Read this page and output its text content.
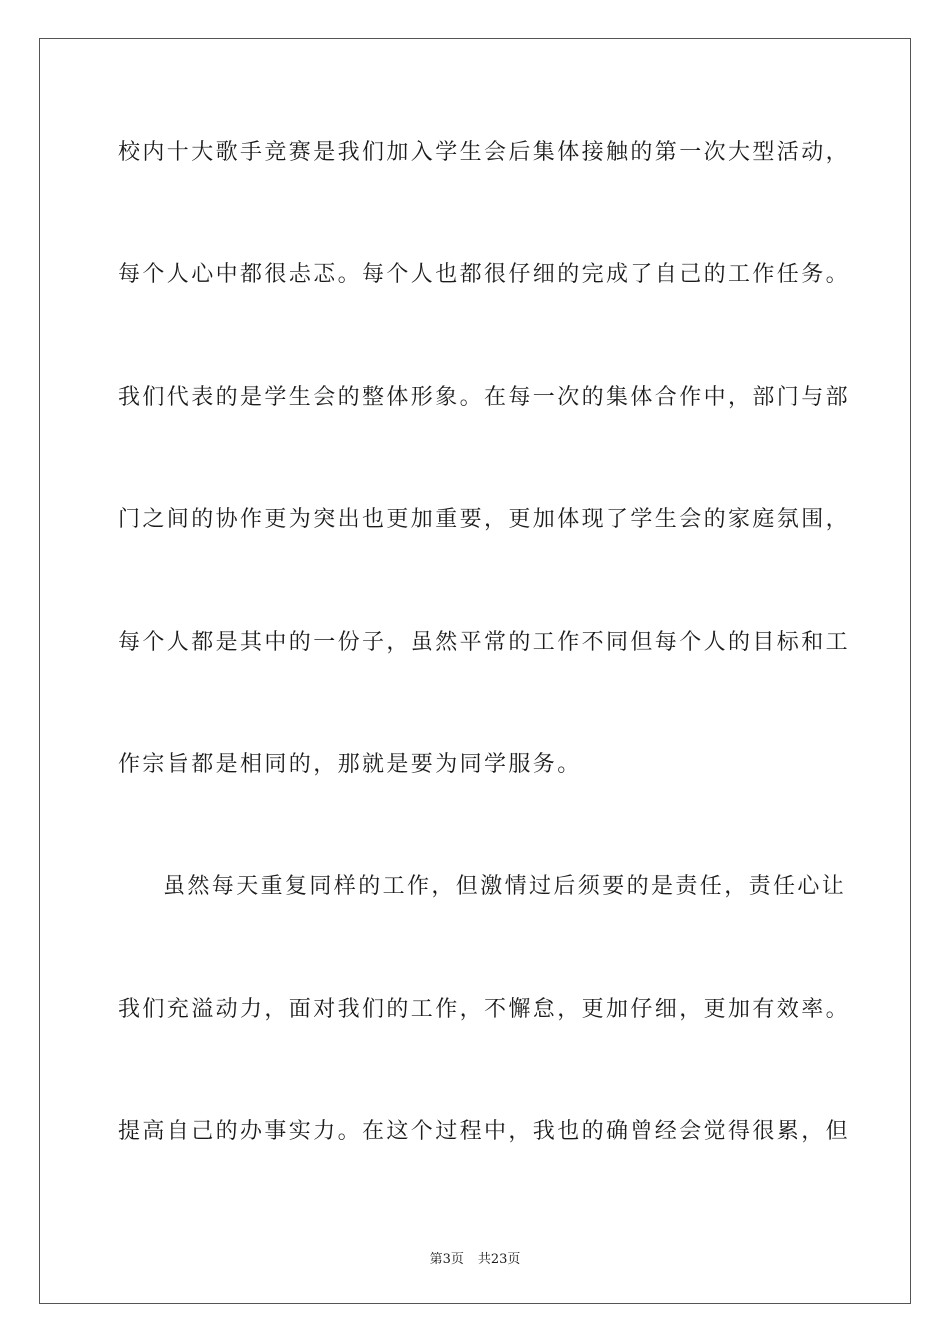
校内十大歌手竞赛是我们加入学生会后集体接触的第一次大型活动，
每个人心中都很忐忑。每个人也都很仔细的完成了自己的工作任务。
我们代表的是学生会的整体形象。在每一次的集体合作中，部门与部
门之间的协作更为突出也更加重要，更加体现了学生会的家庭氛围，
每个人都是其中的一份子，虽然平常的工作不同但每个人的目标和工
作宗旨都是相同的，那就是要为同学服务。
虽然每天重复同样的工作，但激情过后须要的是责任，责任心让
我们充溢动力，面对我们的工作，不懈怠，更加仔细，更加有效率。
提高自己的办事实力。在这个过程中，我也的确曾经会觉得很累，但
第3页 共23页
